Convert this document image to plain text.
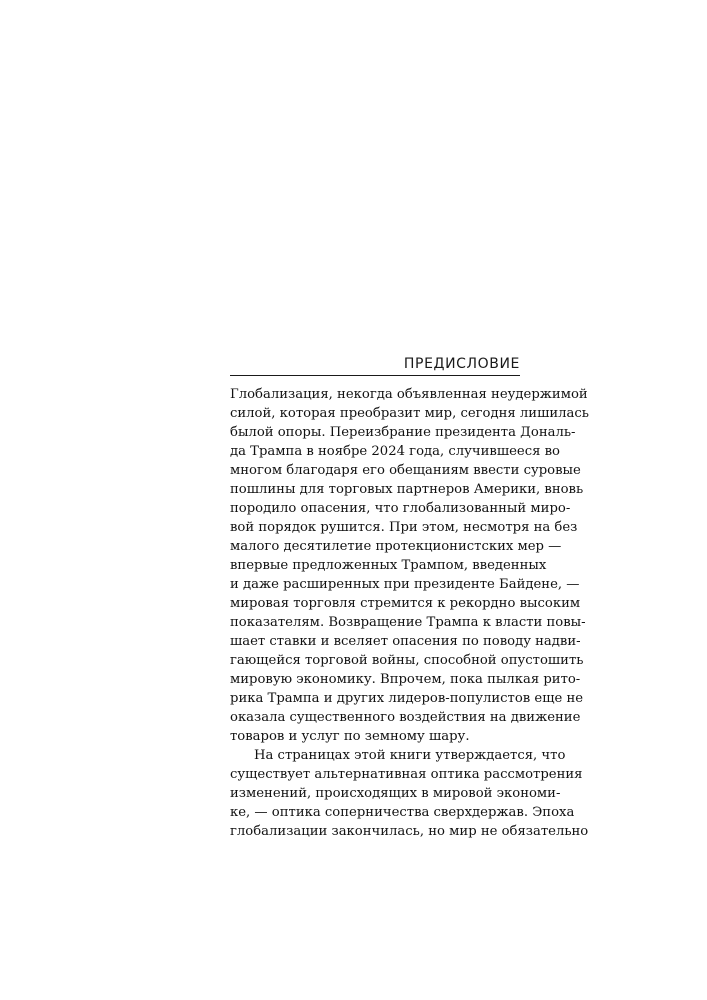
ПРЕДИСЛОВИЕ
Глобализация, некогда объявленная неудержимой
силой, которая преобразит мир, сегодня лишилась
былой опоры. Переизбрание президента Дональ-
да Трампа в ноябре 2024 года, случившееся во
многом благодаря его обещаниям ввести суровые
пошлины для торговых партнеров Америки, вновь
породило опасения, что глобализованный миро-
вой порядок рушится. При этом, несмотря на без
малого десятилетие протекционистских мер —
впервые предложенных Трампом, введенных
и даже расширенных при президенте Байдене, —
мировая торговля стремится к рекордно высоким
показателям. Возвращение Трампа к власти повы-
шает ставки и вселяет опасения по поводу надви-
гающейся торговой войны, способной опустошить
мировую экономику. Впрочем, пока пылкая рито-
рика Трампа и других лидеров-популистов еще не
оказала существенного воздействия на движение
товаров и услуг по земному шару.
На страницах этой книги утверждается, что
существует альтернативная оптика рассмотрения
изменений, происходящих в мировой экономи-
ке, — оптика соперничества сверхдержав. Эпоха
глобализации закончилась, но мир не обязательно
